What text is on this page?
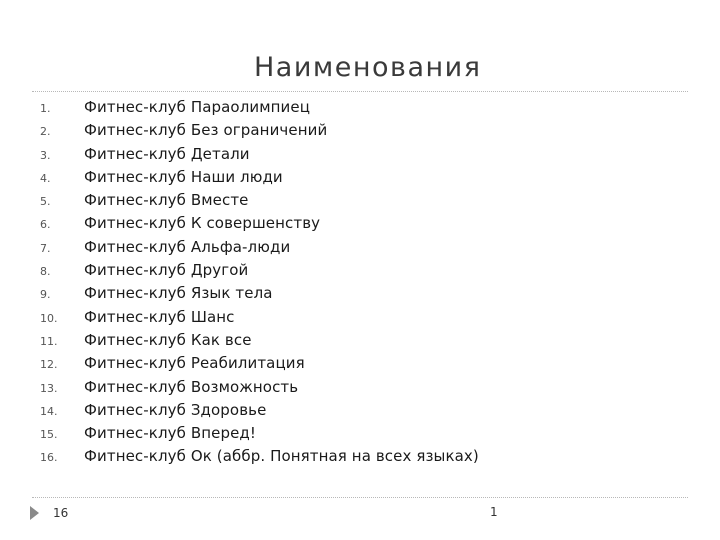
Наименования
1.	Фитнес-клуб Параолимпиец
2.	Фитнес-клуб Без ограничений
3.	Фитнес-клуб Детали
4.	Фитнес-клуб Наши люди
5.	Фитнес-клуб Вместе
6.	Фитнес-клуб К совершенству
7.	Фитнес-клуб Альфа-люди
8.	Фитнес-клуб Другой
9.	Фитнес-клуб Язык тела
10.	Фитнес-клуб Шанс
11.	Фитнес-клуб Как все
12.	Фитнес-клуб Реабилитация
13.	Фитнес-клуб Возможность
14.	Фитнес-клуб Здоровье
15.	Фитнес-клуб Вперед!
16.	Фитнес-клуб Ок (аббр. Понятная на всех языках)
16	1
